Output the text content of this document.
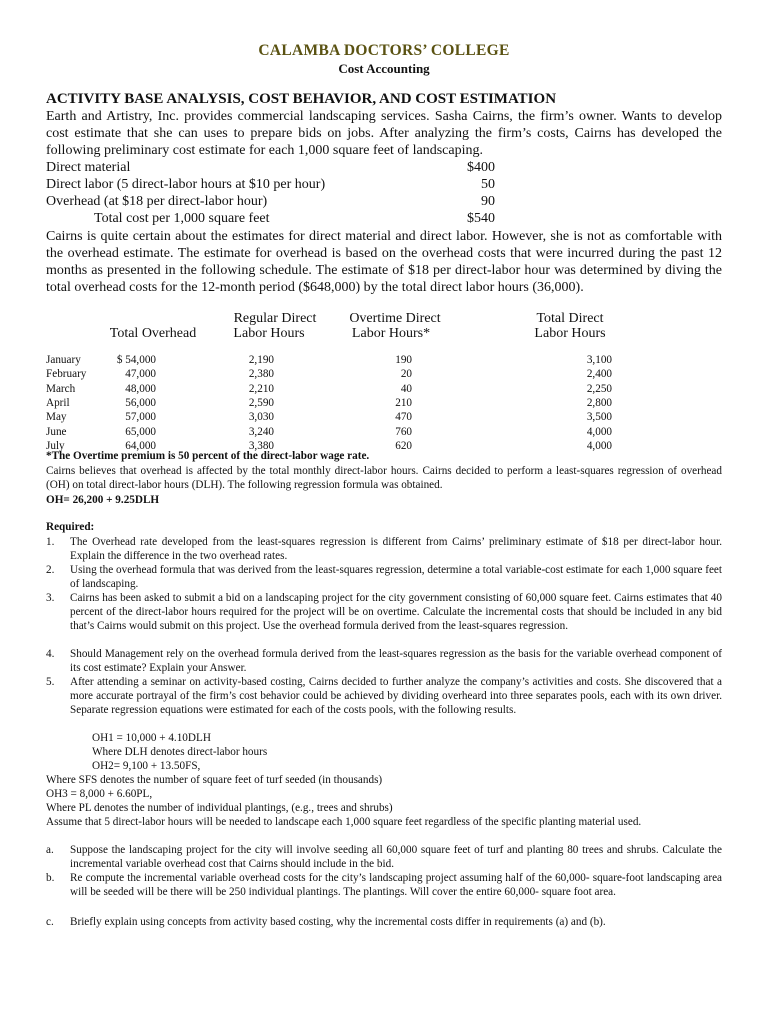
CALAMBA DOCTORS’ COLLEGE
Cost Accounting
ACTIVITY BASE ANALYSIS, COST BEHAVIOR, AND COST ESTIMATION
Earth and Artistry, Inc. provides commercial landscaping services. Sasha Cairns, the firm’s owner. Wants to develop cost estimate that she can uses to prepare bids on jobs. After analyzing the firm’s costs, Cairns has developed the following preliminary cost estimate for each 1,000 square feet of landscaping.
Direct material	$400
Direct labor (5 direct-labor hours at $10 per hour)	50
Overhead (at $18 per direct-labor hour)	90
Total cost per 1,000 square feet	$540
Cairns is quite certain about the estimates for direct material and direct labor. However, she is not as comfortable with the overhead estimate. The estimate for overhead is based on the overhead costs that were incurred during the past 12 months as presented in the following schedule. The estimate of $18 per direct-labor hour was determined by diving the total overhead costs for the 12-month period ($648,000) by the total direct labor hours (36,000).
Regular Direct	Overtime Direct	Total Direct
Total Overhead	Labor Hours	Labor Hours*	Labor Hours
January	$ 54,000	2,190	190	3,100
February	47,000	2,380	20	2,400
March	48,000	2,210	40	2,250
April	56,000	2,590	210	2,800
May	57,000	3,030	470	3,500
June	65,000	3,240	760	4,000
July	64,000	3,380	620	4,000
*The Overtime premium is 50 percent of the direct-labor wage rate.
Cairns believes that overhead is affected by the total monthly direct-labor hours. Cairns decided to perform a least-squares regression of overhead (OH) on total direct-labor hours (DLH). The following regression formula was obtained.
OH= 26,200 + 9.25DLH
Required:
1. The Overhead rate developed from the least-squares regression is different from Cairns’ preliminary estimate of $18 per direct-labor hour. Explain the difference in the two overhead rates.
2. Using the overhead formula that was derived from the least-squares regression, determine a total variable-cost estimate for each 1,000 square feet of landscaping.
3. Cairns has been asked to submit a bid on a landscaping project for the city government consisting of 60,000 square feet. Cairns estimates that 40 percent of the direct-labor hours required for the project will be on overtime. Calculate the incremental costs that should be included in any bid that’s Cairns would submit on this project. Use the overhead formula derived from the least-squares regression.
4. Should Management rely on the overhead formula derived from the least-squares regression as the basis for the variable overhead component of its cost estimate? Explain your Answer.
5. After attending a seminar on activity-based costing, Cairns decided to further analyze the company’s activities and costs. She discovered that a more accurate portrayal of the firm’s cost behavior could be achieved by dividing overheard into three separates pools, each with its own driver. Separate regression equations were estimated for each of the costs pools, with the following results.
OH1 = 10,000 + 4.10DLH
Where DLH denotes direct-labor hours
OH2= 9,100 + 13.50FS,
Where SFS denotes the number of square feet of turf seeded (in thousands)
OH3 = 8,000 + 6.60PL,
Where PL denotes the number of individual plantings, (e.g., trees and shrubs)
Assume that 5 direct-labor hours will be needed to landscape each 1,000 square feet regardless of the specific planting material used.
a. Suppose the landscaping project for the city will involve seeding all 60,000 square feet of turf and planting 80 trees and shrubs. Calculate the incremental variable overhead cost that Cairns should include in the bid.
b. Re compute the incremental variable overhead costs for the city’s landscaping project assuming half of the 60,000- square-foot landscaping area will be seeded will be there will be 250 individual plantings. The plantings. Will cover the entire 60,000- square foot area.
c. Briefly explain using concepts from activity based costing, why the incremental costs differ in requirements (a) and (b).
